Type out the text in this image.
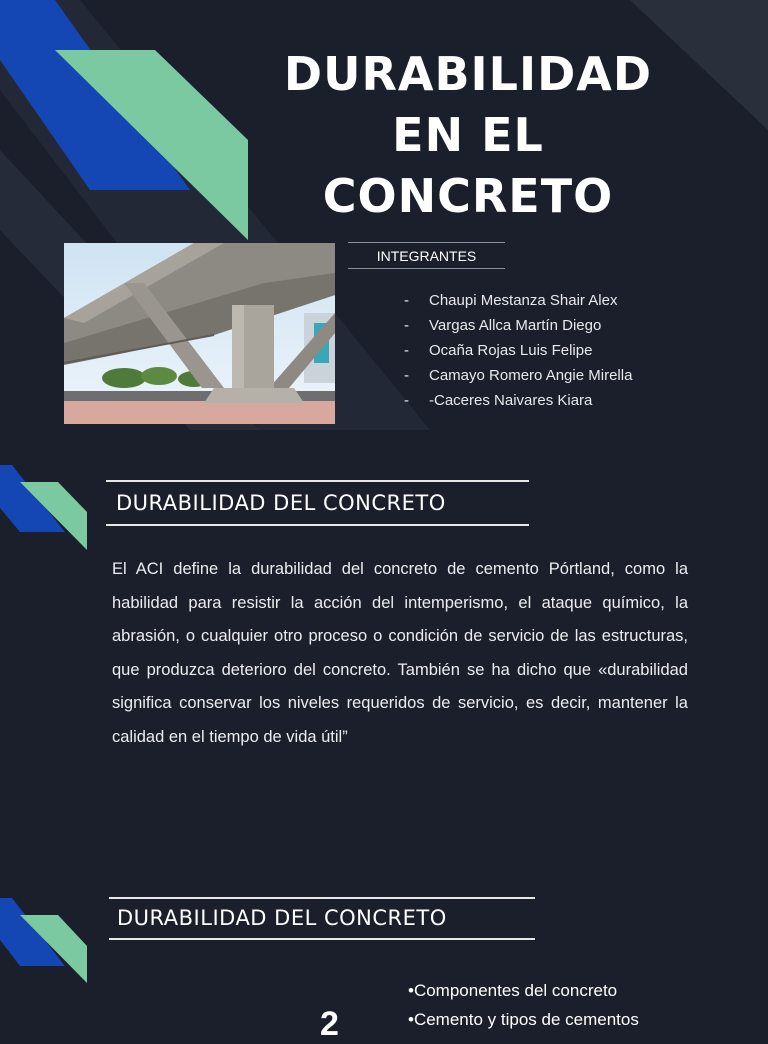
DURABILIDAD
EN EL
CONCRETO
INTEGRANTES
- Chaupi Mestanza Shair Alex
- Vargas Allca Martín Diego
- Ocaña Rojas Luis Felipe
- Camayo Romero Angie Mirella
- -Caceres Naivares Kiara
DURABILIDAD DEL CONCRETO
El ACI define la durabilidad del concreto de cemento Pórtland, como la habilidad para resistir la acción del intemperismo, el ataque químico, la abrasión, o cualquier otro proceso o condición de servicio de las estructuras, que produzca deterioro del concreto. También se ha dicho que «durabilidad significa conservar los niveles requeridos de servicio, es decir, mantener la calidad en el tiempo de vida útil”
DURABILIDAD DEL CONCRETO
•Componentes del concreto
•Cemento y tipos de cementos
2
